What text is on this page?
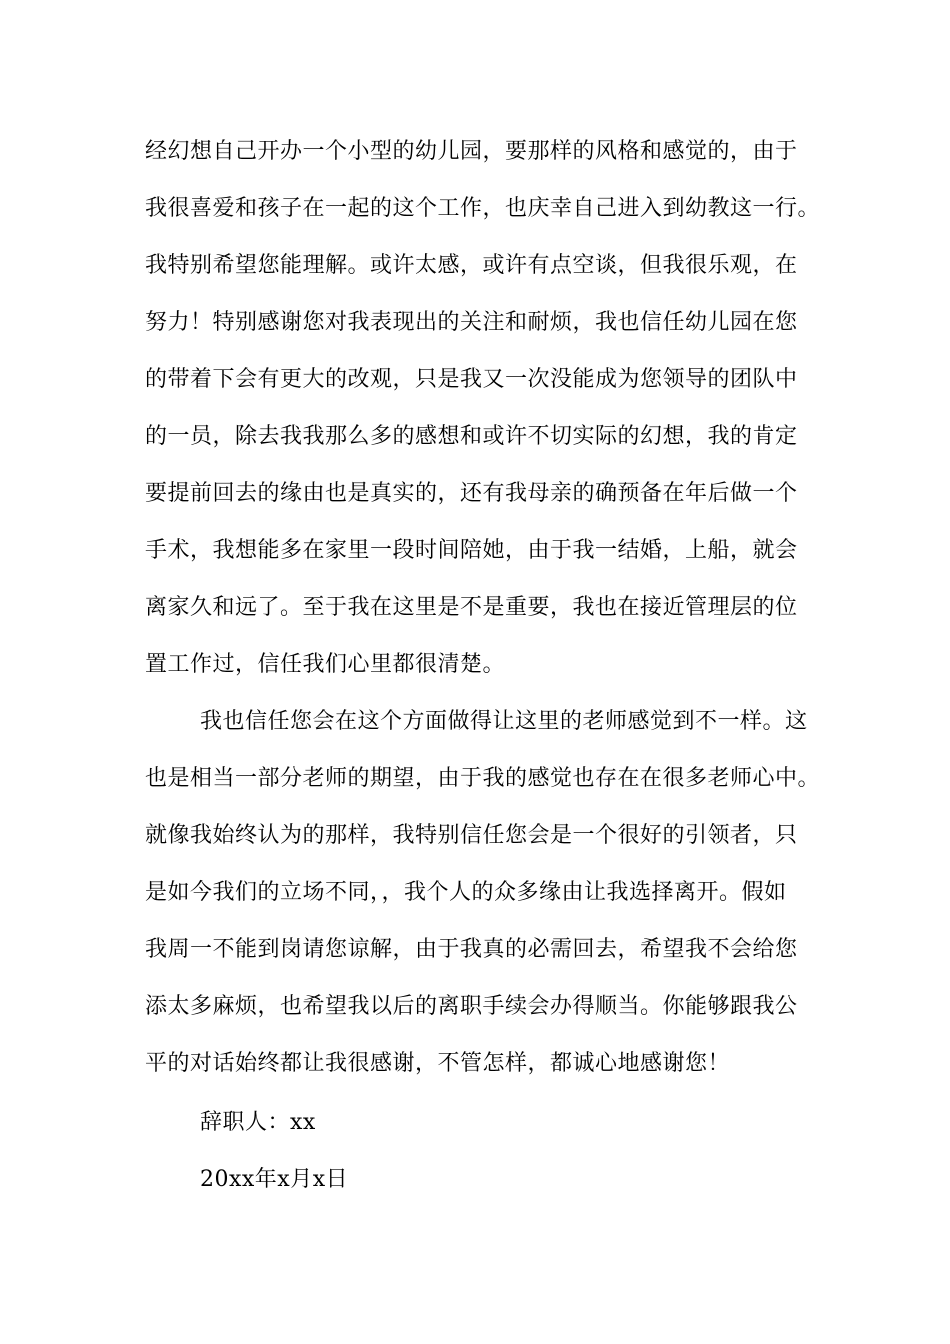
经幻想自己开办一个小型的幼儿园，要那样的风格和感觉的，由于
我很喜爱和孩子在一起的这个工作，也庆幸自己进入到幼教这一行。
我特别希望您能理解。或许太感，或许有点空谈，但我很乐观，在
努力！特别感谢您对我表现出的关注和耐烦，我也信任幼儿园在您
的带着下会有更大的改观，只是我又一次没能成为您领导的团队中
的一员，除去我我那么多的感想和或许不切实际的幻想，我的肯定
要提前回去的缘由也是真实的，还有我母亲的确预备在年后做一个
手术，我想能多在家里一段时间陪她，由于我一结婚，上船，就会
离家久和远了。至于我在这里是不是重要，我也在接近管理层的位
置工作过，信任我们心里都很清楚。
我也信任您会在这个方面做得让这里的老师感觉到不一样。这
也是相当一部分老师的期望，由于我的感觉也存在在很多老师心中。
就像我始终认为的那样，我特别信任您会是一个很好的引领者，只
是如今我们的立场不同，，我个人的众多缘由让我选择离开。假如
我周一不能到岗请您谅解，由于我真的必需回去，希望我不会给您
添太多麻烦，也希望我以后的离职手续会办得顺当。你能够跟我公
平的对话始终都让我很感谢，不管怎样，都诚心地感谢您！
辞职人：xx
20xx年x月x日
